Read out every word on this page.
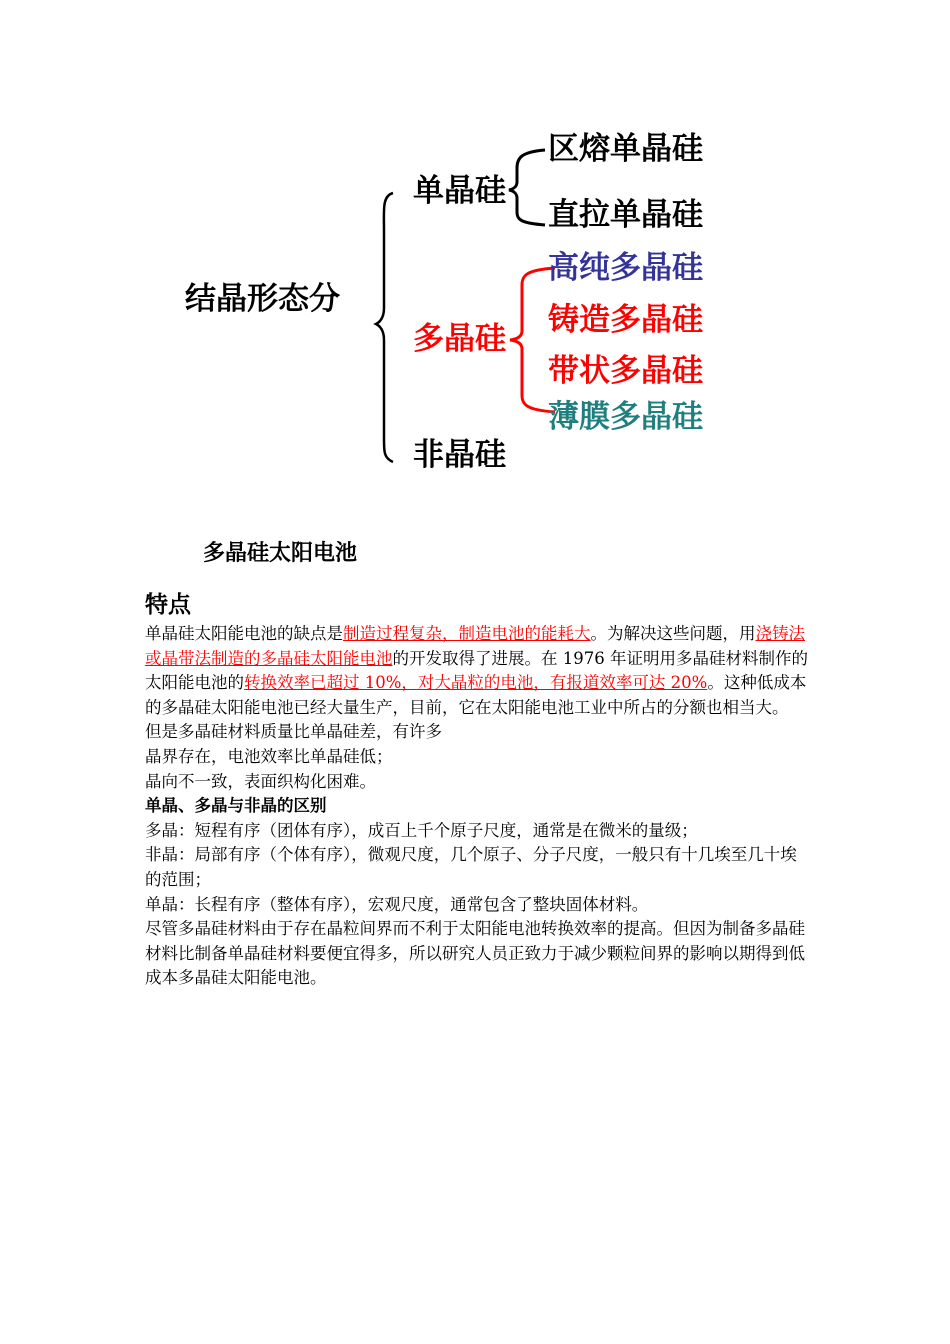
结晶形态分
单晶硅
多晶硅
非晶硅
区熔单晶硅
直拉单晶硅
高纯多晶硅
铸造多晶硅
带状多晶硅
薄膜多晶硅
多晶硅太阳电池
特点

单晶硅太阳能电池的缺点是制造过程复杂，制造电池的能耗大。为解决这些问题，用浇铸法或晶带法制造的多晶硅太阳能电池的开发取得了进展。在 1976 年证明用多晶硅材料制作的太阳能电池的转换效率已超过 10%，对大晶粒的电池，有报道效率可达 20%。这种低成本的多晶硅太阳能电池已经大量生产，目前，它在太阳能电池工业中所占的分额也相当大。

但是多晶硅材料质量比单晶硅差，有许多

晶界存在，电池效率比单晶硅低；

晶向不一致，表面织构化困难。

单晶、多晶与非晶的区别

多晶：短程有序（团体有序），成百上千个原子尺度，通常是在微米的量级；

非晶：局部有序（个体有序），微观尺度，几个原子、分子尺度，一般只有十几埃至几十埃的范围；

单晶：长程有序（整体有序），宏观尺度，通常包含了整块固体材料。

尽管多晶硅材料由于存在晶粒间界而不利于太阳能电池转换效率的提高。但因为制备多晶硅材料比制备单晶硅材料要便宜得多，所以研究人员正致力于减少颗粒间界的影响以期得到低成本多晶硅太阳能电池。
